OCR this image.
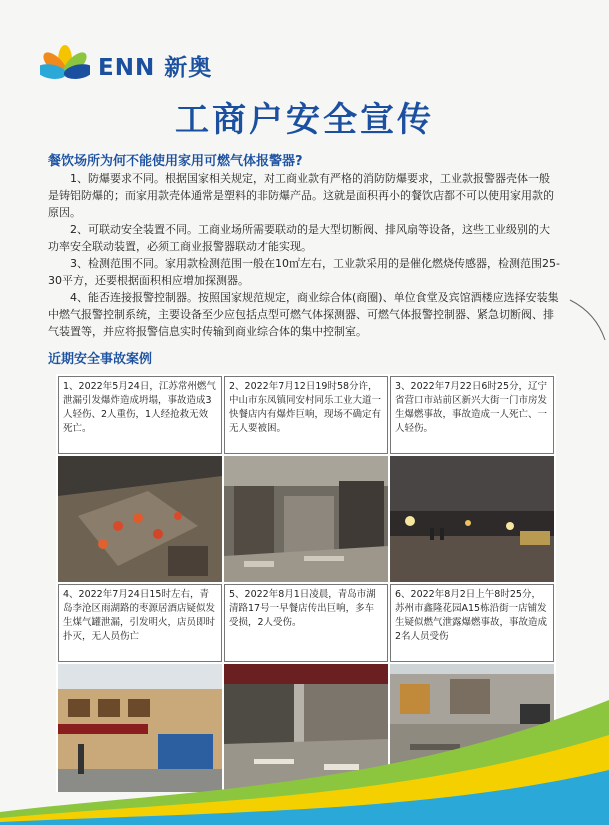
ENN 新奥
工商户安全宣传
餐饮场所为何不能使用家用可燃气体报警器?

1、防爆要求不同。根据国家相关规定，对工商业款有严格的消防防爆要求，工业款报警器壳体一般是铸铝防爆的；而家用款壳体通常是塑料的非防爆产品。这就是面积再小的餐饮店都不可以使用家用款的原因。

2、可联动安全装置不同。工商业场所需要联动的是大型切断阀、排风扇等设备，这些工业级别的大功率安全联动装置，必须工商业报警器联动才能实现。

3、检测范围不同。家用款检测范围一般在10㎡左右，工业款采用的是催化燃烧传感器，检测范围25-30平方，还要根据面积相应增加探测器。

4、能否连接报警控制器。按照国家规范规定，商业综合体(商圈)、单位食堂及宾馆酒楼应选择安装集中燃气报警控制系统，主要设备至少应包括点型可燃气体探测器、可燃气体报警控制器、紧急切断阀、排气装置等，并应将报警信息实时传输到商业综合体的集中控制室。

近期安全事故案例
1、2022年5月24日，江苏常州燃气泄漏引发爆炸造成坍塌，事故造成3人轻伤、2人重伤，1人经抢救无效死亡。
2、2022年7月12日19时58分许，中山市东凤镇同安村同乐工业大道一快餐店内有爆炸巨响，现场不确定有无人要被困。
3、2022年7月22日6时25分，辽宁省营口市站前区新兴大街一门市房发生爆燃事故，事故造成一人死亡、一人轻伤。
4、2022年7月24日15时左右，青岛李沧区雨湖路的枣源居酒店疑似发生煤气罐泄漏，引发明火，店员即时扑灭，无人员伤亡
5、2022年8月1日凌晨，青岛市湖清路17号一早餐店传出巨响，多车受损，2人受伤。
6、2022年8月2日上午8时25分，苏州市鑫隆花园A15栋沿街一店铺发生疑似燃气泄露爆燃事故，事故造成2名人员受伤
